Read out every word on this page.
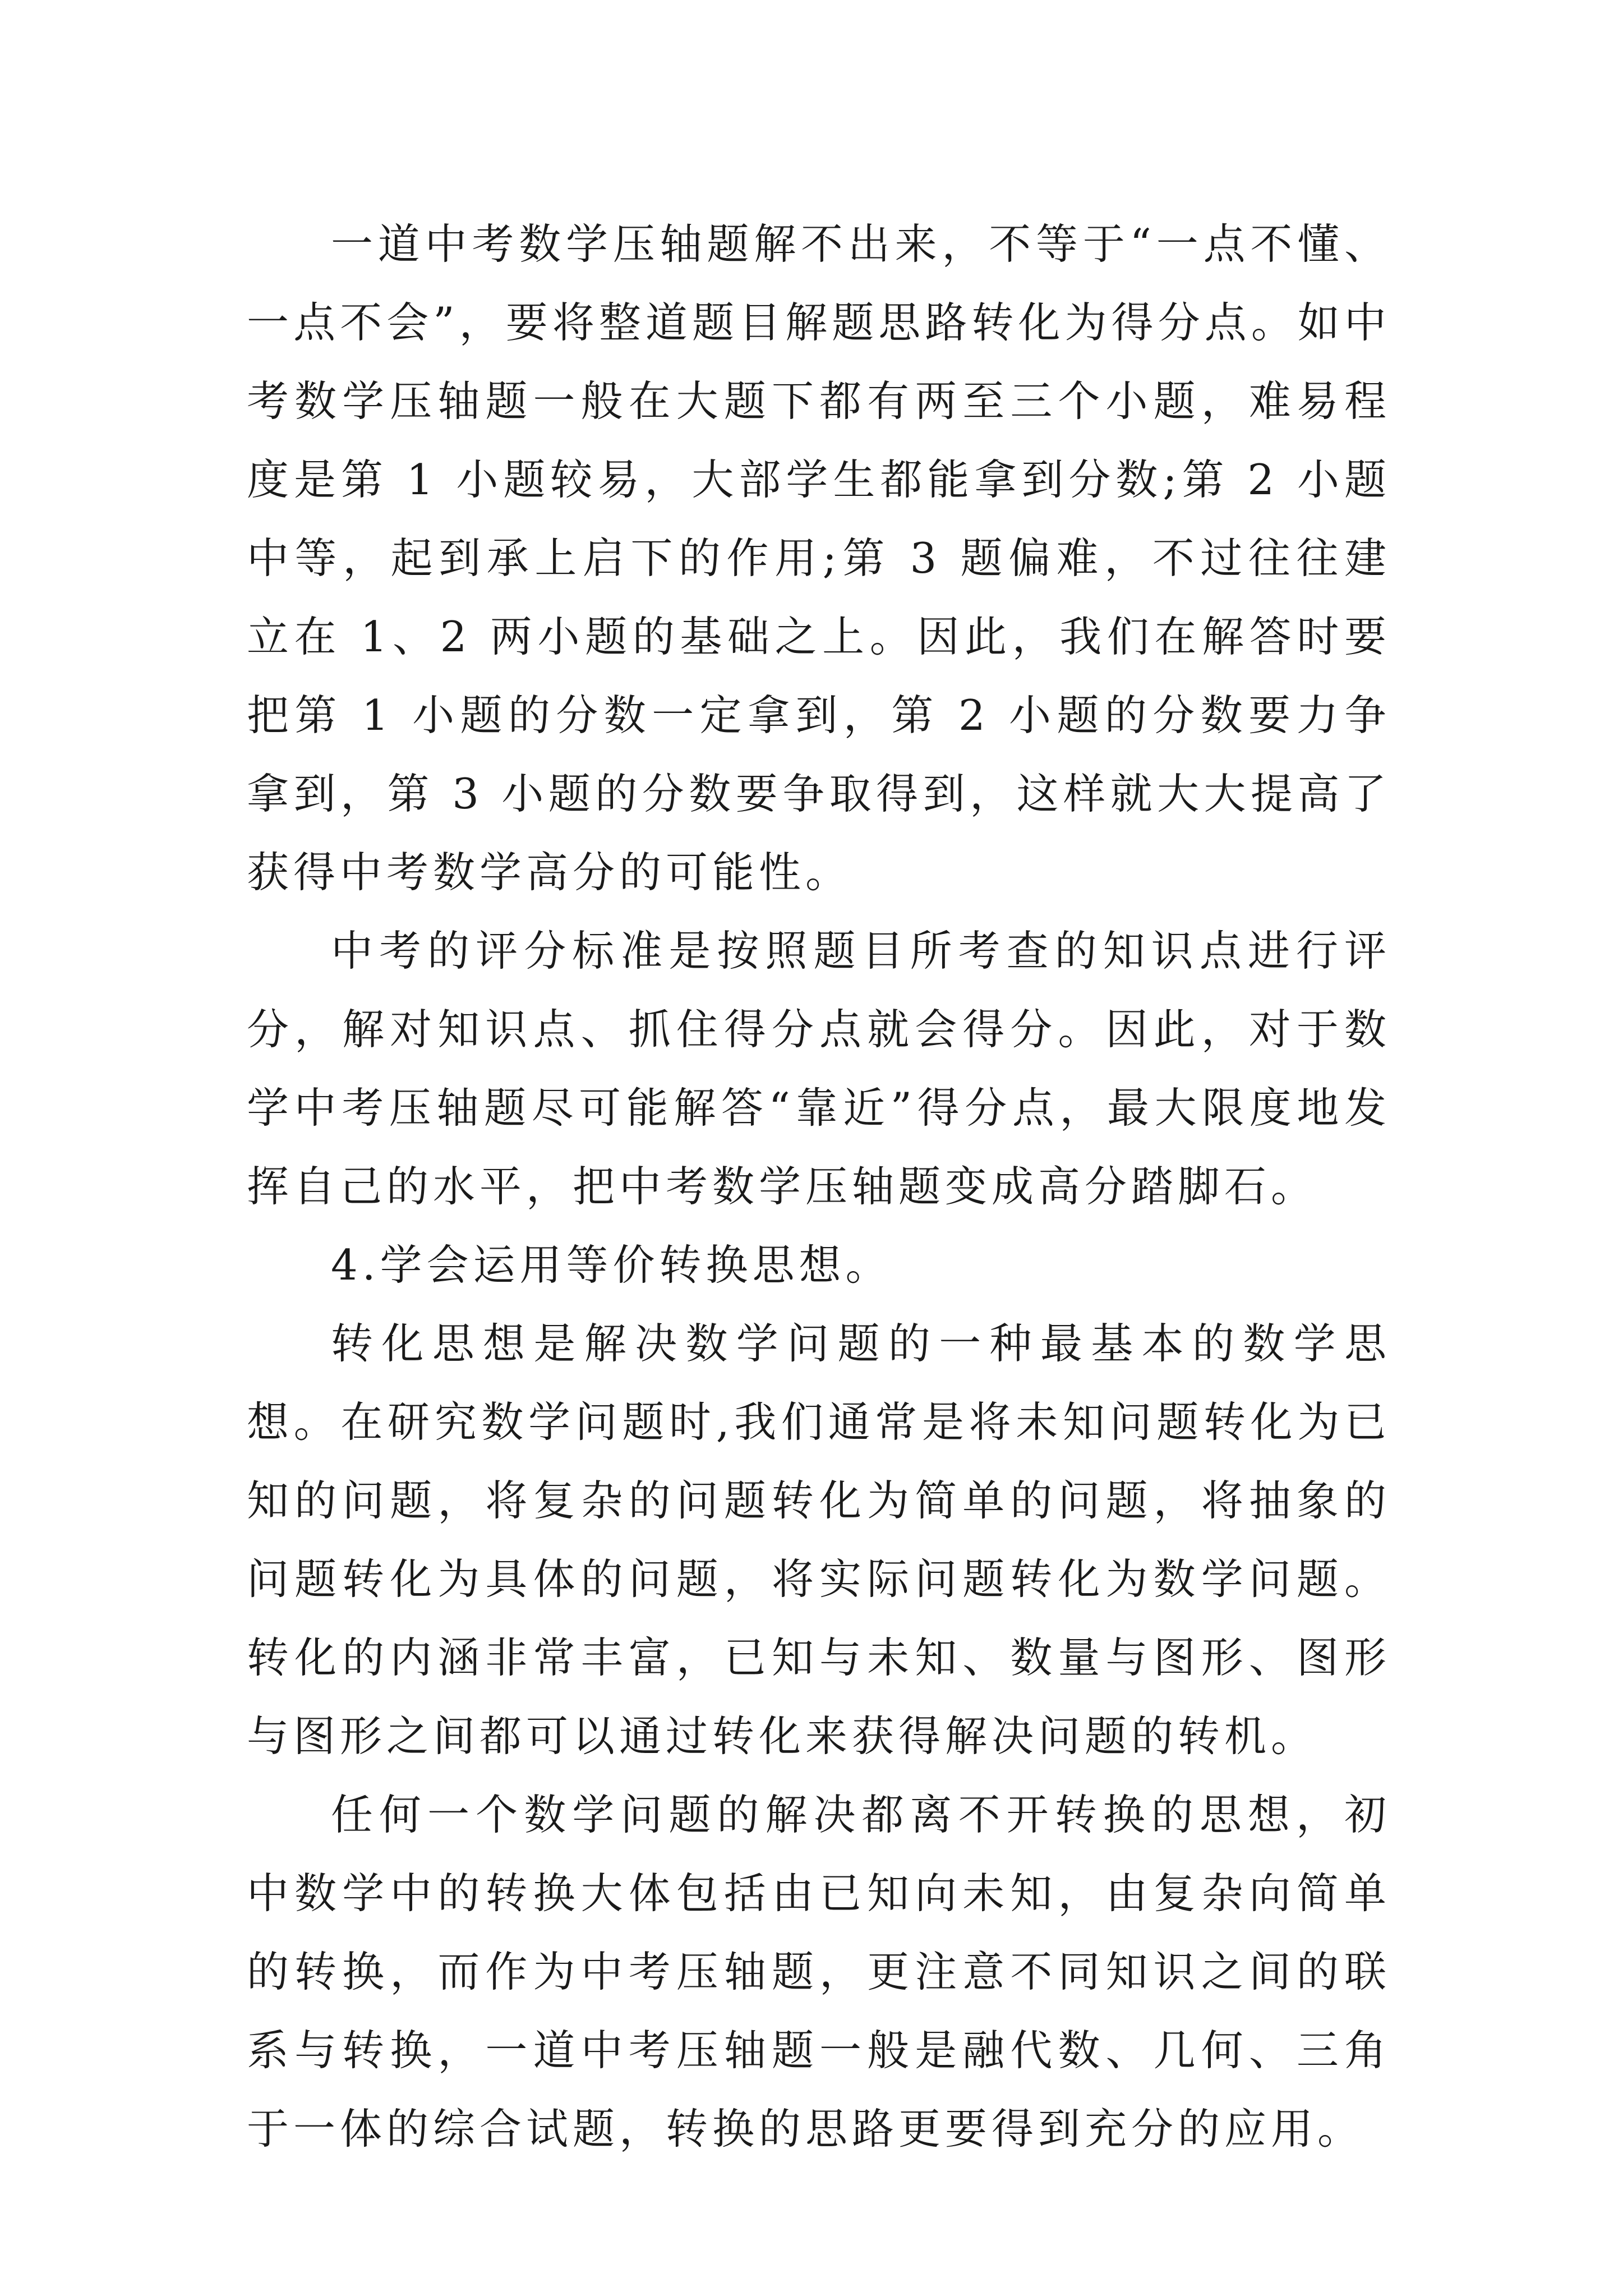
一道中考数学压轴题解不出来，不等于“一点不懂、一点不会”，要将整道题目解题思路转化为得分点。如中考数学压轴题一般在大题下都有两至三个小题，难易程度是第 1 小题较易，大部学生都能拿到分数;第 2 小题中等，起到承上启下的作用;第 3 题偏难，不过往往建立在 1、2 两小题的基础之上。因此，我们在解答时要把第 1 小题的分数一定拿到，第 2 小题的分数要力争拿到，第 3 小题的分数要争取得到，这样就大大提高了获得中考数学高分的可能性。

中考的评分标准是按照题目所考查的知识点进行评分，解对知识点、抓住得分点就会得分。因此，对于数学中考压轴题尽可能解答“靠近”得分点，最大限度地发挥自己的水平，把中考数学压轴题变成高分踏脚石。

4.学会运用等价转换思想。

转化思想是解决数学问题的一种最基本的数学思想。在研究数学问题时,我们通常是将未知问题转化为已知的问题，将复杂的问题转化为简单的问题，将抽象的问题转化为具体的问题，将实际问题转化为数学问题。转化的内涵非常丰富，已知与未知、数量与图形、图形与图形之间都可以通过转化来获得解决问题的转机。

任何一个数学问题的解决都离不开转换的思想，初中数学中的转换大体包括由已知向未知，由复杂向简单的转换，而作为中考压轴题，更注意不同知识之间的联系与转换，一道中考压轴题一般是融代数、几何、三角于一体的综合试题，转换的思路更要得到充分的应用。
